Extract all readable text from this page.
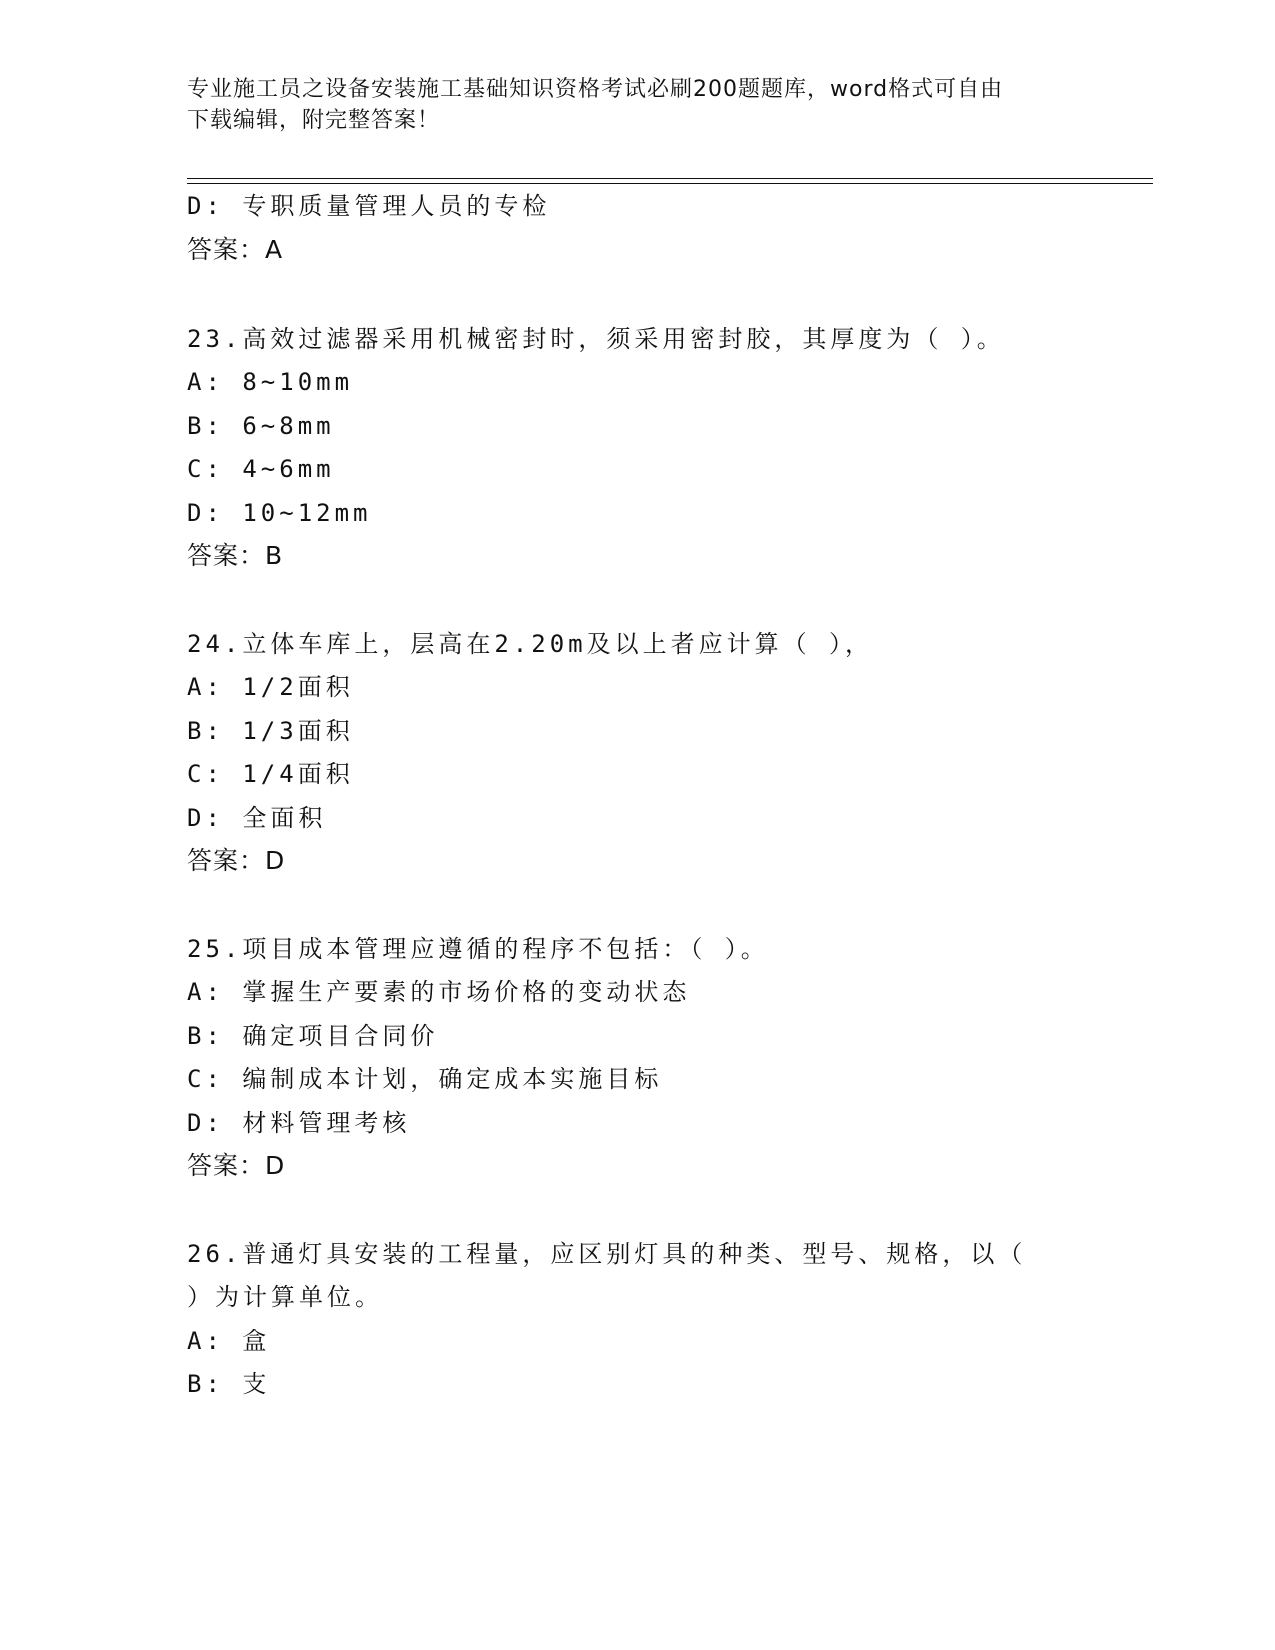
专业施工员之设备安装施工基础知识资格考试必刷200题题库，word格式可自由
下载编辑，附完整答案！
D: 专职质量管理人员的专检
答案：A
23.高效过滤器采用机械密封时，须采用密封胶，其厚度为（ ）。
A: 8~10mm
B: 6~8mm
C: 4~6mm
D: 10~12mm
答案：B
24.立体车库上，层高在2.20m及以上者应计算（ ），
A: 1/2面积
B: 1/3面积
C: 1/4面积
D: 全面积
答案：D
25.项目成本管理应遵循的程序不包括：（ ）。
A: 掌握生产要素的市场价格的变动状态
B: 确定项目合同价
C: 编制成本计划，确定成本实施目标
D: 材料管理考核
答案：D
26.普通灯具安装的工程量，应区别灯具的种类、型号、规格，以（
）为计算单位。
A: 盒
B: 支
